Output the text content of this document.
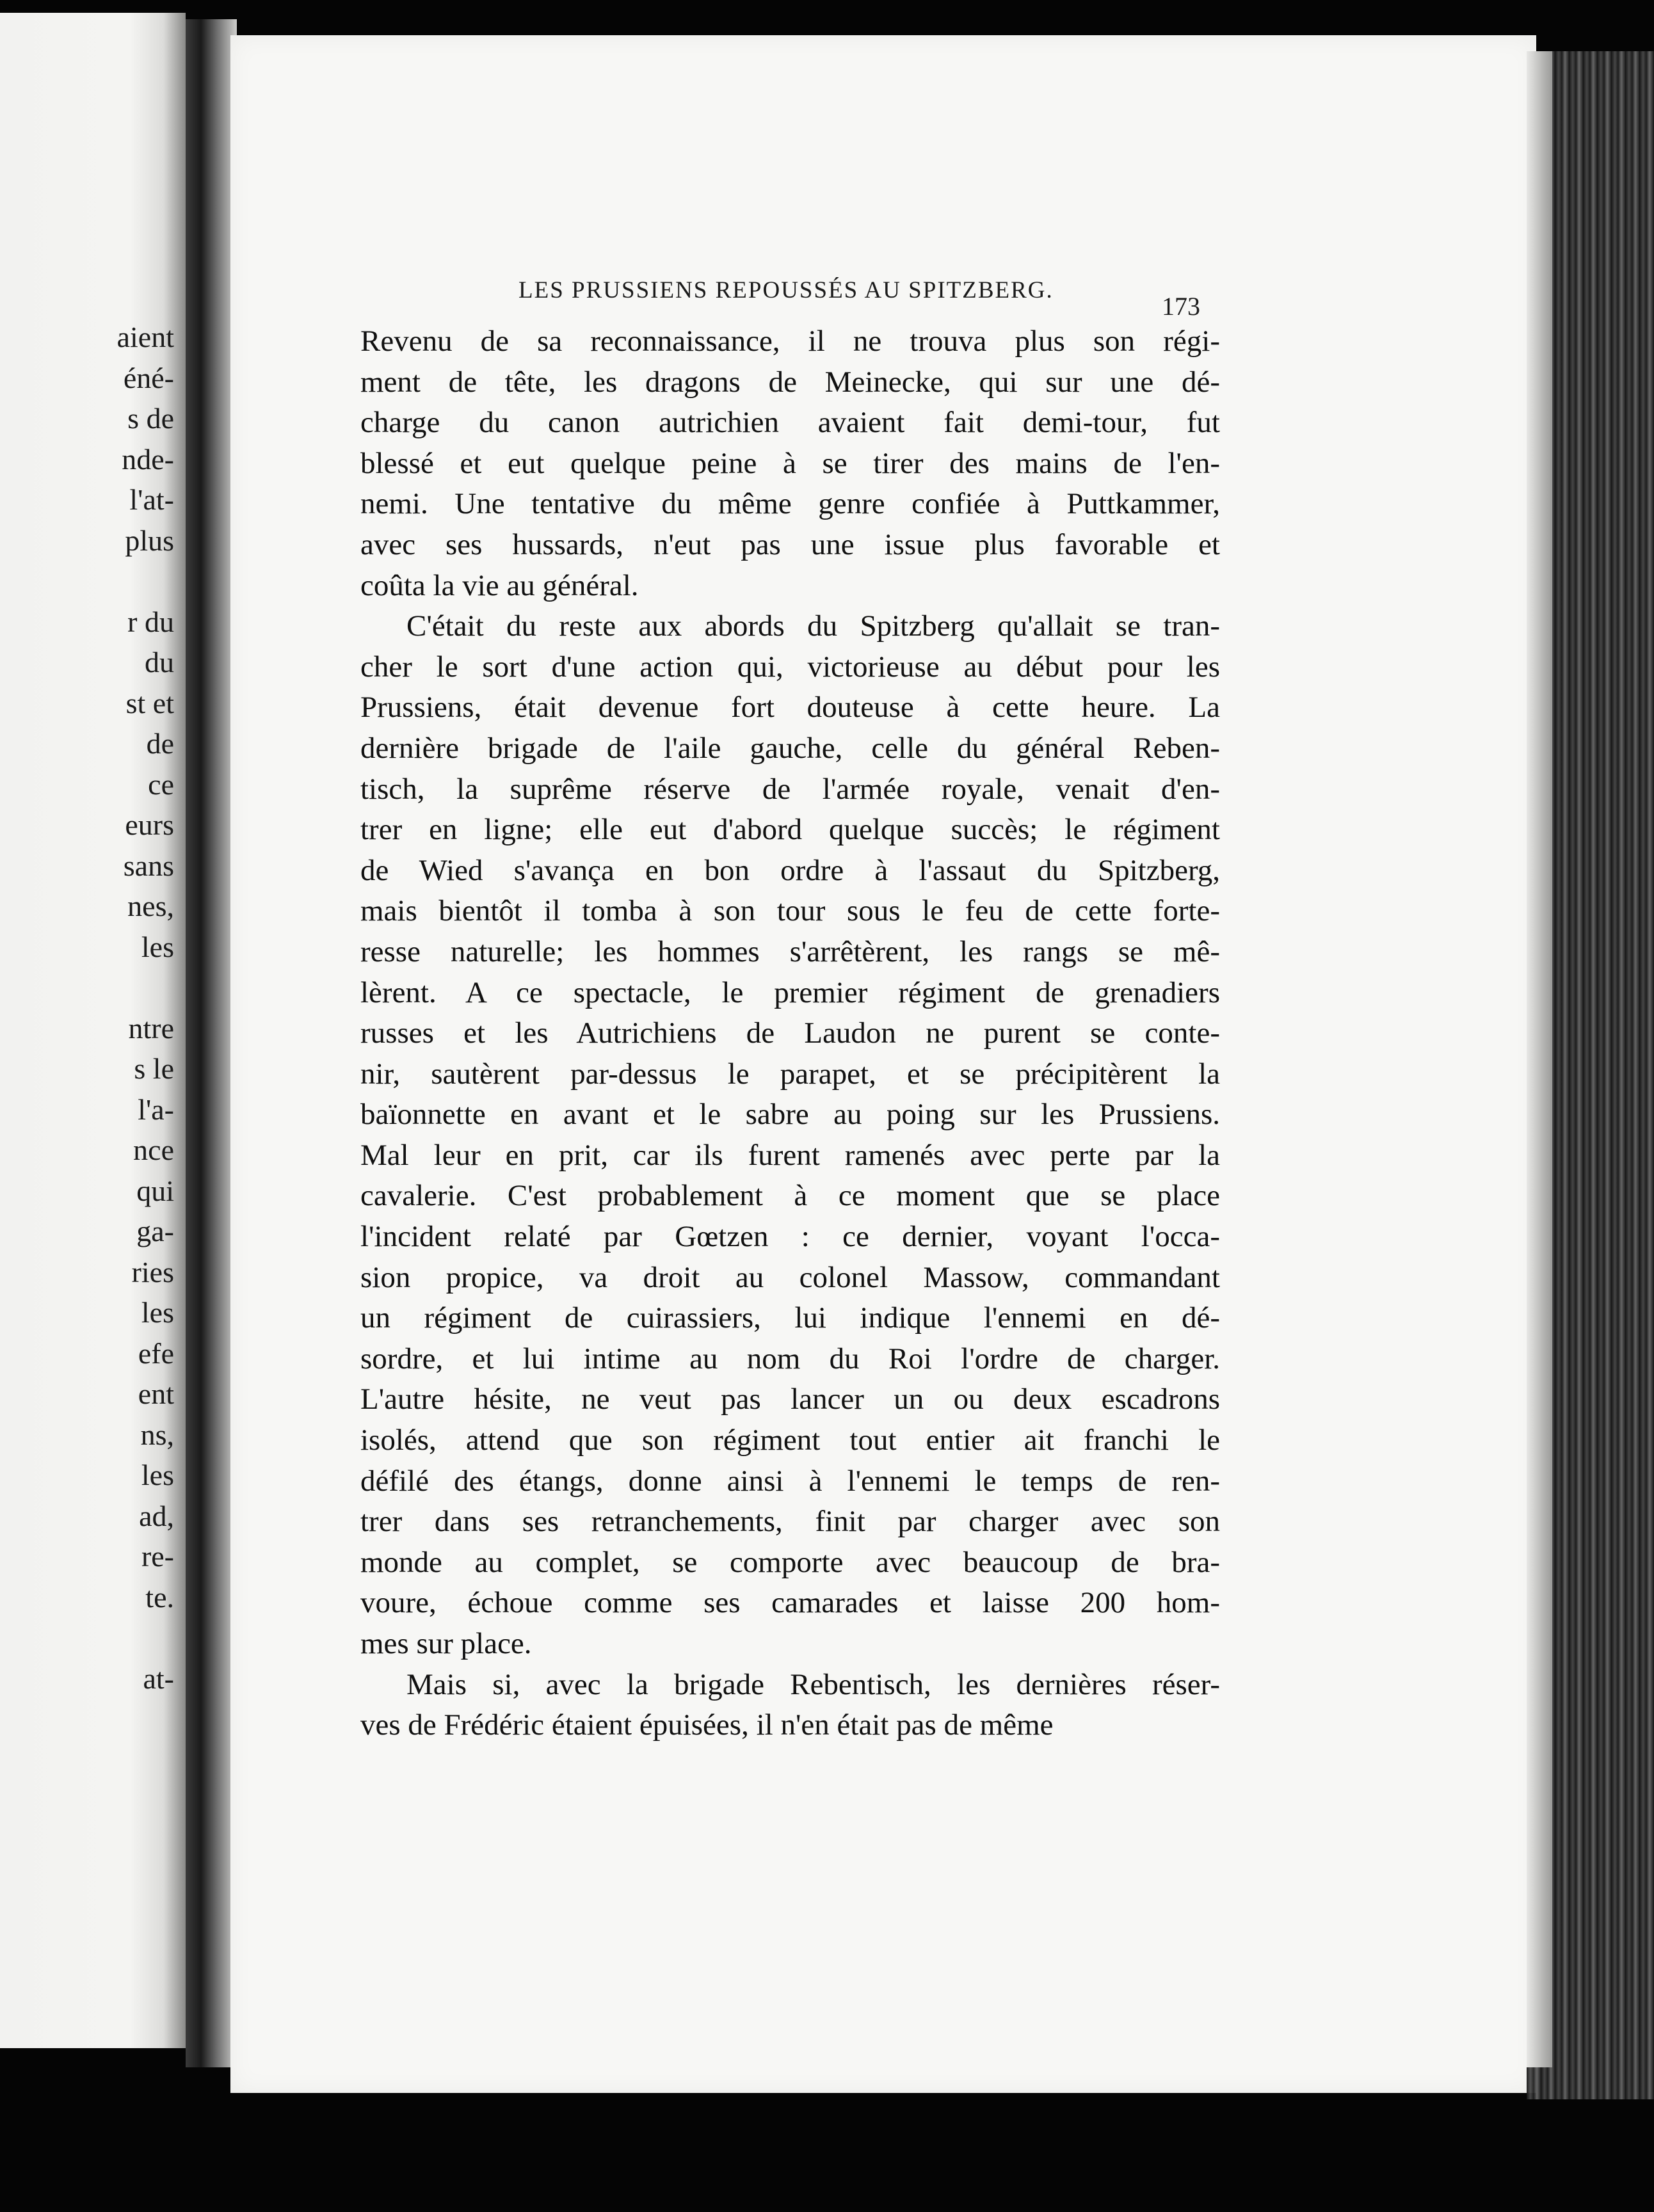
aient
éné-
s de
nde-
l'at-
plus
r du
du
st et
de
ce
eurs
sans
nes,
les
ntre
s le
l'a-
nce
qui
ga-
ries
les
efe
ent
ns,
les
ad,
re-
te.
at-
LES PRUSSIENS REPOUSSÉS AU SPITZBERG.
173
Revenu de sa reconnaissance, il ne trouva plus son régi-
ment de tête, les dragons de Meinecke, qui sur une dé-
charge du canon autrichien avaient fait demi-tour, fut
blessé et eut quelque peine à se tirer des mains de l'en-
nemi. Une tentative du même genre confiée à Puttkammer,
avec ses hussards, n'eut pas une issue plus favorable et
coûta la vie au général.
C'était du reste aux abords du Spitzberg qu'allait se tran-
cher le sort d'une action qui, victorieuse au début pour les
Prussiens, était devenue fort douteuse à cette heure. La
dernière brigade de l'aile gauche, celle du général Reben-
tisch, la suprême réserve de l'armée royale, venait d'en-
trer en ligne; elle eut d'abord quelque succès; le régiment
de Wied s'avança en bon ordre à l'assaut du Spitzberg,
mais bientôt il tomba à son tour sous le feu de cette forte-
resse naturelle; les hommes s'arrêtèrent, les rangs se mê-
lèrent. A ce spectacle, le premier régiment de grenadiers
russes et les Autrichiens de Laudon ne purent se conte-
nir, sautèrent par-dessus le parapet, et se précipitèrent la
baïonnette en avant et le sabre au poing sur les Prussiens.
Mal leur en prit, car ils furent ramenés avec perte par la
cavalerie. C'est probablement à ce moment que se place
l'incident relaté par Gœtzen : ce dernier, voyant l'occa-
sion propice, va droit au colonel Massow, commandant
un régiment de cuirassiers, lui indique l'ennemi en dé-
sordre, et lui intime au nom du Roi l'ordre de charger.
L'autre hésite, ne veut pas lancer un ou deux escadrons
isolés, attend que son régiment tout entier ait franchi le
défilé des étangs, donne ainsi à l'ennemi le temps de ren-
trer dans ses retranchements, finit par charger avec son
monde au complet, se comporte avec beaucoup de bra-
voure, échoue comme ses camarades et laisse 200 hom-
mes sur place.
Mais si, avec la brigade Rebentisch, les dernières réser-
ves de Frédéric étaient épuisées, il n'en était pas de même
